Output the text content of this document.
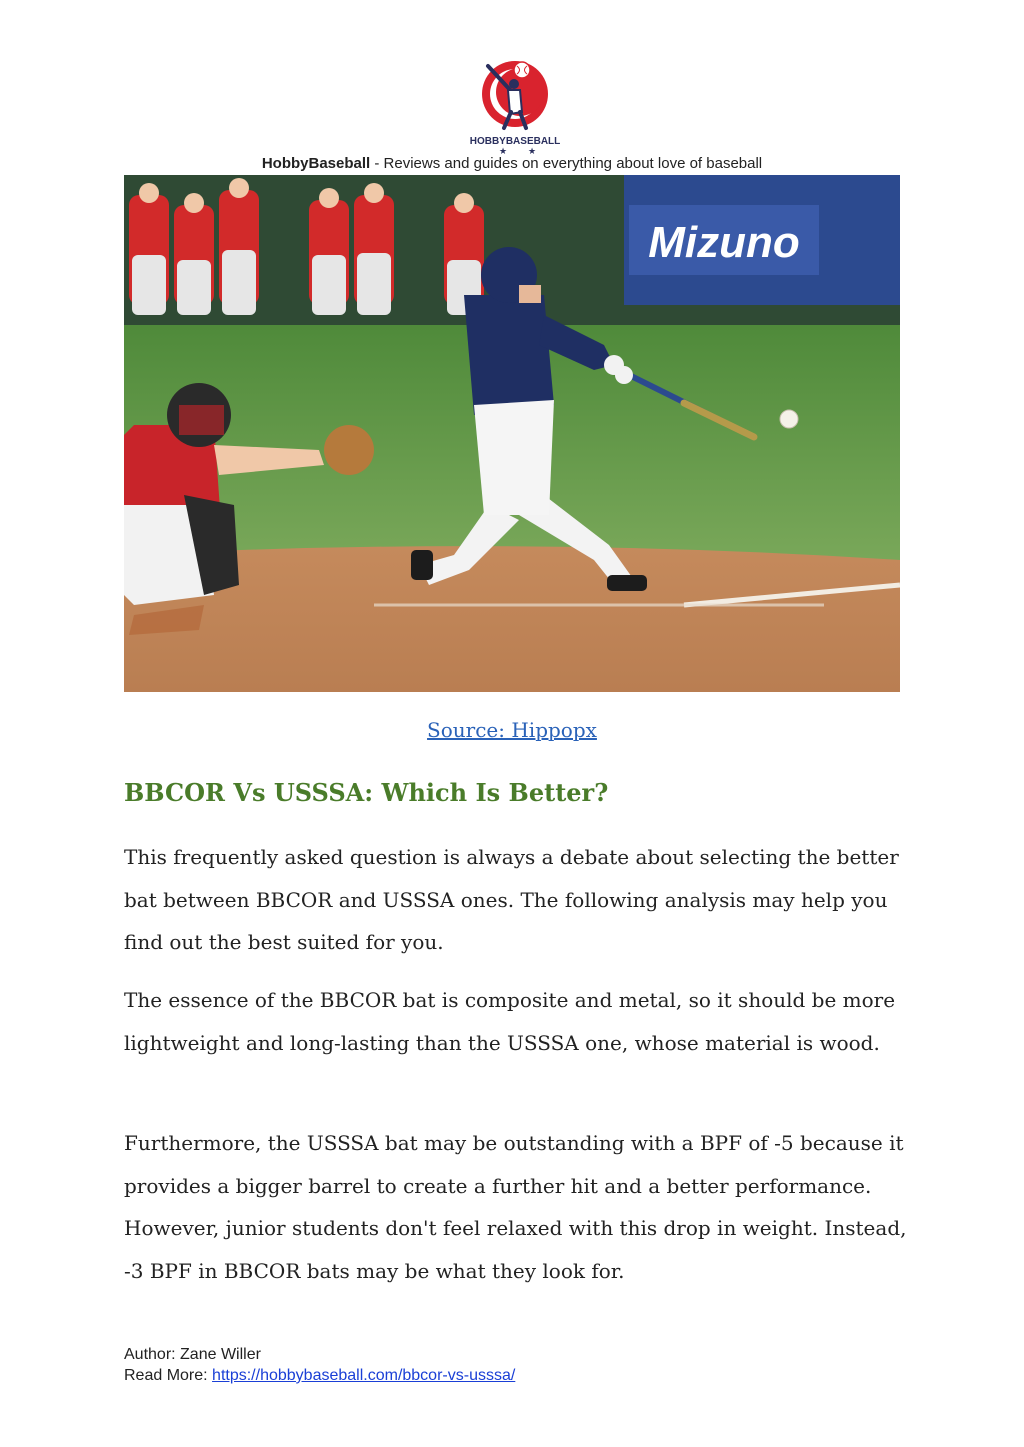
HOBBYBASEBALL
★ ★
HobbyBaseball - Reviews and guides on everything about love of baseball
Mizuno
Source: Hippopx
BBCOR Vs USSSA: Which Is Better?

This frequently asked question is always a debate about selecting the better bat between BBCOR and USSSA ones. The following analysis may help you find out the best suited for you.

The essence of the BBCOR bat is composite and metal, so it should be more lightweight and long-lasting than the USSSA one, whose material is wood.

Furthermore, the USSSA bat may be outstanding with a BPF of -5 because it provides a bigger barrel to create a further hit and a better performance. However, junior students don't feel relaxed with this drop in weight. Instead, -3 BPF in BBCOR bats may be what they look for.

Author: Zane Willer
Read More: https://hobbybaseball.com/bbcor-vs-usssa/
